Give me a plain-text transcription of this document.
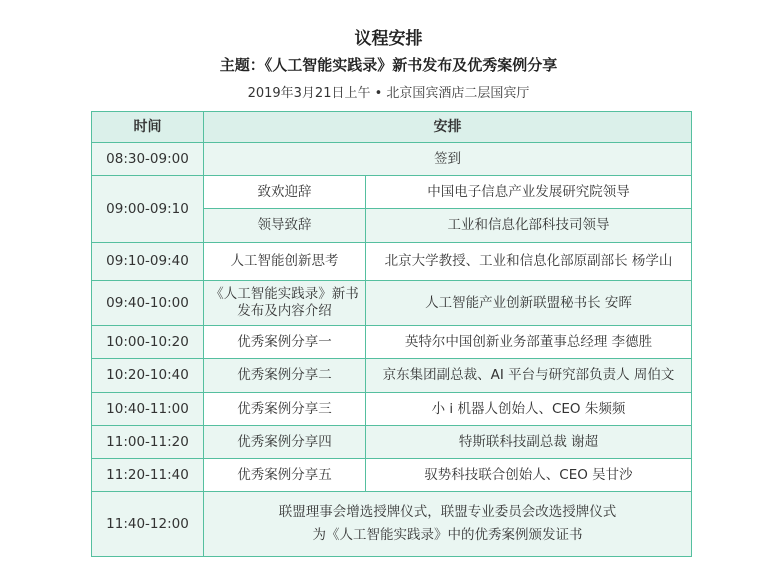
议程安排
主题：《人工智能实践录》新书发布及优秀案例分享
2019年3月21日上午 • 北京国宾酒店二层国宾厅
时间	安排	
08:30-09:00	签到	
09:00-09:10	致欢迎辞	中国电子信息产业发展研究院领导
	领导致辞	工业和信息化部科技司领导
09:10-09:40	人工智能创新思考	北京大学教授、工业和信息化部原副部长 杨学山
09:40-10:00	《人工智能实践录》新书发布及内容介绍	人工智能产业创新联盟秘书长 安晖
10:00-10:20	优秀案例分享一	英特尔中国创新业务部董事总经理 李德胜
10:20-10:40	优秀案例分享二	京东集团副总裁、AI 平台与研究部负责人 周伯文
10:40-11:00	优秀案例分享三	小 i 机器人创始人、CEO 朱频频
11:00-11:20	优秀案例分享四	特斯联科技副总裁 谢超
11:20-11:40	优秀案例分享五	驭势科技联合创始人、CEO 吴甘沙
11:40-12:00	联盟理事会增选授牌仪式，联盟专业委员会改选授牌仪式
为《人工智能实践录》中的优秀案例颁发证书	
